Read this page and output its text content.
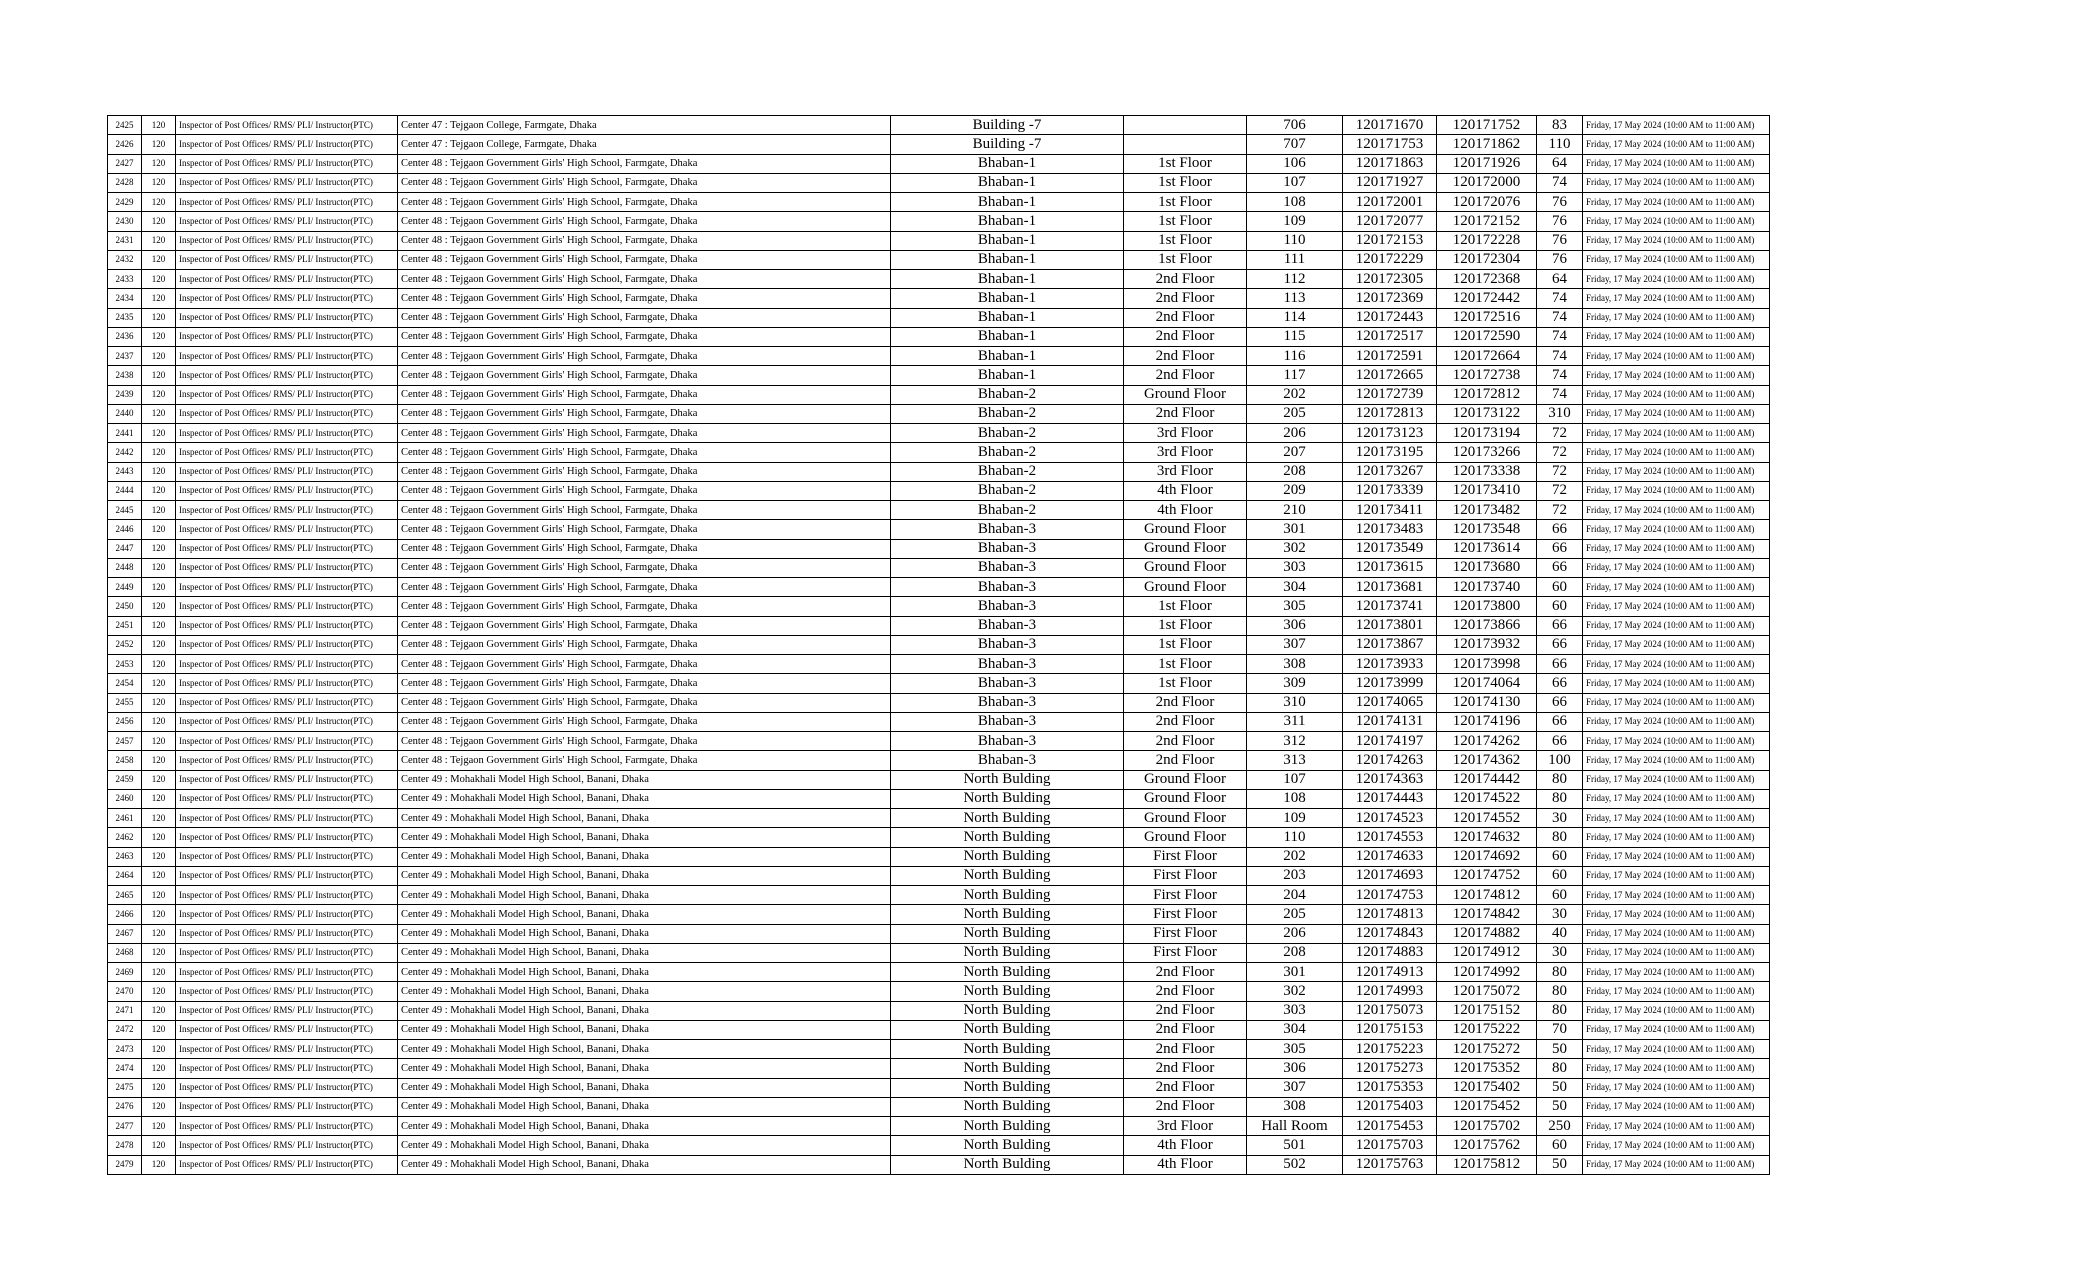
2425	120	Inspector of Post Offices/ RMS/ PLI/ Instructor(PTC)	Center 47 : Tejgaon College, Farmgate, Dhaka	Building -7		706	120171670	120171752	83	Friday, 17 May 2024 (10:00 AM to 11:00 AM)
2426	120	Inspector of Post Offices/ RMS/ PLI/ Instructor(PTC)	Center 47 : Tejgaon College, Farmgate, Dhaka	Building -7		707	120171753	120171862	110	Friday, 17 May 2024 (10:00 AM to 11:00 AM)
2427	120	Inspector of Post Offices/ RMS/ PLI/ Instructor(PTC)	Center 48 : Tejgaon Government Girls' High School, Farmgate, Dhaka	Bhaban-1	1st Floor	106	120171863	120171926	64	Friday, 17 May 2024 (10:00 AM to 11:00 AM)
2428	120	Inspector of Post Offices/ RMS/ PLI/ Instructor(PTC)	Center 48 : Tejgaon Government Girls' High School, Farmgate, Dhaka	Bhaban-1	1st Floor	107	120171927	120172000	74	Friday, 17 May 2024 (10:00 AM to 11:00 AM)
2429	120	Inspector of Post Offices/ RMS/ PLI/ Instructor(PTC)	Center 48 : Tejgaon Government Girls' High School, Farmgate, Dhaka	Bhaban-1	1st Floor	108	120172001	120172076	76	Friday, 17 May 2024 (10:00 AM to 11:00 AM)
2430	120	Inspector of Post Offices/ RMS/ PLI/ Instructor(PTC)	Center 48 : Tejgaon Government Girls' High School, Farmgate, Dhaka	Bhaban-1	1st Floor	109	120172077	120172152	76	Friday, 17 May 2024 (10:00 AM to 11:00 AM)
2431	120	Inspector of Post Offices/ RMS/ PLI/ Instructor(PTC)	Center 48 : Tejgaon Government Girls' High School, Farmgate, Dhaka	Bhaban-1	1st Floor	110	120172153	120172228	76	Friday, 17 May 2024 (10:00 AM to 11:00 AM)
2432	120	Inspector of Post Offices/ RMS/ PLI/ Instructor(PTC)	Center 48 : Tejgaon Government Girls' High School, Farmgate, Dhaka	Bhaban-1	1st Floor	111	120172229	120172304	76	Friday, 17 May 2024 (10:00 AM to 11:00 AM)
2433	120	Inspector of Post Offices/ RMS/ PLI/ Instructor(PTC)	Center 48 : Tejgaon Government Girls' High School, Farmgate, Dhaka	Bhaban-1	2nd Floor	112	120172305	120172368	64	Friday, 17 May 2024 (10:00 AM to 11:00 AM)
2434	120	Inspector of Post Offices/ RMS/ PLI/ Instructor(PTC)	Center 48 : Tejgaon Government Girls' High School, Farmgate, Dhaka	Bhaban-1	2nd Floor	113	120172369	120172442	74	Friday, 17 May 2024 (10:00 AM to 11:00 AM)
2435	120	Inspector of Post Offices/ RMS/ PLI/ Instructor(PTC)	Center 48 : Tejgaon Government Girls' High School, Farmgate, Dhaka	Bhaban-1	2nd Floor	114	120172443	120172516	74	Friday, 17 May 2024 (10:00 AM to 11:00 AM)
2436	120	Inspector of Post Offices/ RMS/ PLI/ Instructor(PTC)	Center 48 : Tejgaon Government Girls' High School, Farmgate, Dhaka	Bhaban-1	2nd Floor	115	120172517	120172590	74	Friday, 17 May 2024 (10:00 AM to 11:00 AM)
2437	120	Inspector of Post Offices/ RMS/ PLI/ Instructor(PTC)	Center 48 : Tejgaon Government Girls' High School, Farmgate, Dhaka	Bhaban-1	2nd Floor	116	120172591	120172664	74	Friday, 17 May 2024 (10:00 AM to 11:00 AM)
2438	120	Inspector of Post Offices/ RMS/ PLI/ Instructor(PTC)	Center 48 : Tejgaon Government Girls' High School, Farmgate, Dhaka	Bhaban-1	2nd Floor	117	120172665	120172738	74	Friday, 17 May 2024 (10:00 AM to 11:00 AM)
2439	120	Inspector of Post Offices/ RMS/ PLI/ Instructor(PTC)	Center 48 : Tejgaon Government Girls' High School, Farmgate, Dhaka	Bhaban-2	Ground Floor	202	120172739	120172812	74	Friday, 17 May 2024 (10:00 AM to 11:00 AM)
2440	120	Inspector of Post Offices/ RMS/ PLI/ Instructor(PTC)	Center 48 : Tejgaon Government Girls' High School, Farmgate, Dhaka	Bhaban-2	2nd Floor	205	120172813	120173122	310	Friday, 17 May 2024 (10:00 AM to 11:00 AM)
2441	120	Inspector of Post Offices/ RMS/ PLI/ Instructor(PTC)	Center 48 : Tejgaon Government Girls' High School, Farmgate, Dhaka	Bhaban-2	3rd Floor	206	120173123	120173194	72	Friday, 17 May 2024 (10:00 AM to 11:00 AM)
2442	120	Inspector of Post Offices/ RMS/ PLI/ Instructor(PTC)	Center 48 : Tejgaon Government Girls' High School, Farmgate, Dhaka	Bhaban-2	3rd Floor	207	120173195	120173266	72	Friday, 17 May 2024 (10:00 AM to 11:00 AM)
2443	120	Inspector of Post Offices/ RMS/ PLI/ Instructor(PTC)	Center 48 : Tejgaon Government Girls' High School, Farmgate, Dhaka	Bhaban-2	3rd Floor	208	120173267	120173338	72	Friday, 17 May 2024 (10:00 AM to 11:00 AM)
2444	120	Inspector of Post Offices/ RMS/ PLI/ Instructor(PTC)	Center 48 : Tejgaon Government Girls' High School, Farmgate, Dhaka	Bhaban-2	4th Floor	209	120173339	120173410	72	Friday, 17 May 2024 (10:00 AM to 11:00 AM)
2445	120	Inspector of Post Offices/ RMS/ PLI/ Instructor(PTC)	Center 48 : Tejgaon Government Girls' High School, Farmgate, Dhaka	Bhaban-2	4th Floor	210	120173411	120173482	72	Friday, 17 May 2024 (10:00 AM to 11:00 AM)
2446	120	Inspector of Post Offices/ RMS/ PLI/ Instructor(PTC)	Center 48 : Tejgaon Government Girls' High School, Farmgate, Dhaka	Bhaban-3	Ground Floor	301	120173483	120173548	66	Friday, 17 May 2024 (10:00 AM to 11:00 AM)
2447	120	Inspector of Post Offices/ RMS/ PLI/ Instructor(PTC)	Center 48 : Tejgaon Government Girls' High School, Farmgate, Dhaka	Bhaban-3	Ground Floor	302	120173549	120173614	66	Friday, 17 May 2024 (10:00 AM to 11:00 AM)
2448	120	Inspector of Post Offices/ RMS/ PLI/ Instructor(PTC)	Center 48 : Tejgaon Government Girls' High School, Farmgate, Dhaka	Bhaban-3	Ground Floor	303	120173615	120173680	66	Friday, 17 May 2024 (10:00 AM to 11:00 AM)
2449	120	Inspector of Post Offices/ RMS/ PLI/ Instructor(PTC)	Center 48 : Tejgaon Government Girls' High School, Farmgate, Dhaka	Bhaban-3	Ground Floor	304	120173681	120173740	60	Friday, 17 May 2024 (10:00 AM to 11:00 AM)
2450	120	Inspector of Post Offices/ RMS/ PLI/ Instructor(PTC)	Center 48 : Tejgaon Government Girls' High School, Farmgate, Dhaka	Bhaban-3	1st Floor	305	120173741	120173800	60	Friday, 17 May 2024 (10:00 AM to 11:00 AM)
2451	120	Inspector of Post Offices/ RMS/ PLI/ Instructor(PTC)	Center 48 : Tejgaon Government Girls' High School, Farmgate, Dhaka	Bhaban-3	1st Floor	306	120173801	120173866	66	Friday, 17 May 2024 (10:00 AM to 11:00 AM)
2452	120	Inspector of Post Offices/ RMS/ PLI/ Instructor(PTC)	Center 48 : Tejgaon Government Girls' High School, Farmgate, Dhaka	Bhaban-3	1st Floor	307	120173867	120173932	66	Friday, 17 May 2024 (10:00 AM to 11:00 AM)
2453	120	Inspector of Post Offices/ RMS/ PLI/ Instructor(PTC)	Center 48 : Tejgaon Government Girls' High School, Farmgate, Dhaka	Bhaban-3	1st Floor	308	120173933	120173998	66	Friday, 17 May 2024 (10:00 AM to 11:00 AM)
2454	120	Inspector of Post Offices/ RMS/ PLI/ Instructor(PTC)	Center 48 : Tejgaon Government Girls' High School, Farmgate, Dhaka	Bhaban-3	1st Floor	309	120173999	120174064	66	Friday, 17 May 2024 (10:00 AM to 11:00 AM)
2455	120	Inspector of Post Offices/ RMS/ PLI/ Instructor(PTC)	Center 48 : Tejgaon Government Girls' High School, Farmgate, Dhaka	Bhaban-3	2nd Floor	310	120174065	120174130	66	Friday, 17 May 2024 (10:00 AM to 11:00 AM)
2456	120	Inspector of Post Offices/ RMS/ PLI/ Instructor(PTC)	Center 48 : Tejgaon Government Girls' High School, Farmgate, Dhaka	Bhaban-3	2nd Floor	311	120174131	120174196	66	Friday, 17 May 2024 (10:00 AM to 11:00 AM)
2457	120	Inspector of Post Offices/ RMS/ PLI/ Instructor(PTC)	Center 48 : Tejgaon Government Girls' High School, Farmgate, Dhaka	Bhaban-3	2nd Floor	312	120174197	120174262	66	Friday, 17 May 2024 (10:00 AM to 11:00 AM)
2458	120	Inspector of Post Offices/ RMS/ PLI/ Instructor(PTC)	Center 48 : Tejgaon Government Girls' High School, Farmgate, Dhaka	Bhaban-3	2nd Floor	313	120174263	120174362	100	Friday, 17 May 2024 (10:00 AM to 11:00 AM)
2459	120	Inspector of Post Offices/ RMS/ PLI/ Instructor(PTC)	Center 49 : Mohakhali Model High School, Banani, Dhaka	North Bulding	Ground Floor	107	120174363	120174442	80	Friday, 17 May 2024 (10:00 AM to 11:00 AM)
2460	120	Inspector of Post Offices/ RMS/ PLI/ Instructor(PTC)	Center 49 : Mohakhali Model High School, Banani, Dhaka	North Bulding	Ground Floor	108	120174443	120174522	80	Friday, 17 May 2024 (10:00 AM to 11:00 AM)
2461	120	Inspector of Post Offices/ RMS/ PLI/ Instructor(PTC)	Center 49 : Mohakhali Model High School, Banani, Dhaka	North Bulding	Ground Floor	109	120174523	120174552	30	Friday, 17 May 2024 (10:00 AM to 11:00 AM)
2462	120	Inspector of Post Offices/ RMS/ PLI/ Instructor(PTC)	Center 49 : Mohakhali Model High School, Banani, Dhaka	North Bulding	Ground Floor	110	120174553	120174632	80	Friday, 17 May 2024 (10:00 AM to 11:00 AM)
2463	120	Inspector of Post Offices/ RMS/ PLI/ Instructor(PTC)	Center 49 : Mohakhali Model High School, Banani, Dhaka	North Bulding	First Floor	202	120174633	120174692	60	Friday, 17 May 2024 (10:00 AM to 11:00 AM)
2464	120	Inspector of Post Offices/ RMS/ PLI/ Instructor(PTC)	Center 49 : Mohakhali Model High School, Banani, Dhaka	North Bulding	First Floor	203	120174693	120174752	60	Friday, 17 May 2024 (10:00 AM to 11:00 AM)
2465	120	Inspector of Post Offices/ RMS/ PLI/ Instructor(PTC)	Center 49 : Mohakhali Model High School, Banani, Dhaka	North Bulding	First Floor	204	120174753	120174812	60	Friday, 17 May 2024 (10:00 AM to 11:00 AM)
2466	120	Inspector of Post Offices/ RMS/ PLI/ Instructor(PTC)	Center 49 : Mohakhali Model High School, Banani, Dhaka	North Bulding	First Floor	205	120174813	120174842	30	Friday, 17 May 2024 (10:00 AM to 11:00 AM)
2467	120	Inspector of Post Offices/ RMS/ PLI/ Instructor(PTC)	Center 49 : Mohakhali Model High School, Banani, Dhaka	North Bulding	First Floor	206	120174843	120174882	40	Friday, 17 May 2024 (10:00 AM to 11:00 AM)
2468	120	Inspector of Post Offices/ RMS/ PLI/ Instructor(PTC)	Center 49 : Mohakhali Model High School, Banani, Dhaka	North Bulding	First Floor	208	120174883	120174912	30	Friday, 17 May 2024 (10:00 AM to 11:00 AM)
2469	120	Inspector of Post Offices/ RMS/ PLI/ Instructor(PTC)	Center 49 : Mohakhali Model High School, Banani, Dhaka	North Bulding	2nd Floor	301	120174913	120174992	80	Friday, 17 May 2024 (10:00 AM to 11:00 AM)
2470	120	Inspector of Post Offices/ RMS/ PLI/ Instructor(PTC)	Center 49 : Mohakhali Model High School, Banani, Dhaka	North Bulding	2nd Floor	302	120174993	120175072	80	Friday, 17 May 2024 (10:00 AM to 11:00 AM)
2471	120	Inspector of Post Offices/ RMS/ PLI/ Instructor(PTC)	Center 49 : Mohakhali Model High School, Banani, Dhaka	North Bulding	2nd Floor	303	120175073	120175152	80	Friday, 17 May 2024 (10:00 AM to 11:00 AM)
2472	120	Inspector of Post Offices/ RMS/ PLI/ Instructor(PTC)	Center 49 : Mohakhali Model High School, Banani, Dhaka	North Bulding	2nd Floor	304	120175153	120175222	70	Friday, 17 May 2024 (10:00 AM to 11:00 AM)
2473	120	Inspector of Post Offices/ RMS/ PLI/ Instructor(PTC)	Center 49 : Mohakhali Model High School, Banani, Dhaka	North Bulding	2nd Floor	305	120175223	120175272	50	Friday, 17 May 2024 (10:00 AM to 11:00 AM)
2474	120	Inspector of Post Offices/ RMS/ PLI/ Instructor(PTC)	Center 49 : Mohakhali Model High School, Banani, Dhaka	North Bulding	2nd Floor	306	120175273	120175352	80	Friday, 17 May 2024 (10:00 AM to 11:00 AM)
2475	120	Inspector of Post Offices/ RMS/ PLI/ Instructor(PTC)	Center 49 : Mohakhali Model High School, Banani, Dhaka	North Bulding	2nd Floor	307	120175353	120175402	50	Friday, 17 May 2024 (10:00 AM to 11:00 AM)
2476	120	Inspector of Post Offices/ RMS/ PLI/ Instructor(PTC)	Center 49 : Mohakhali Model High School, Banani, Dhaka	North Bulding	2nd Floor	308	120175403	120175452	50	Friday, 17 May 2024 (10:00 AM to 11:00 AM)
2477	120	Inspector of Post Offices/ RMS/ PLI/ Instructor(PTC)	Center 49 : Mohakhali Model High School, Banani, Dhaka	North Bulding	3rd Floor	Hall Room	120175453	120175702	250	Friday, 17 May 2024 (10:00 AM to 11:00 AM)
2478	120	Inspector of Post Offices/ RMS/ PLI/ Instructor(PTC)	Center 49 : Mohakhali Model High School, Banani, Dhaka	North Bulding	4th Floor	501	120175703	120175762	60	Friday, 17 May 2024 (10:00 AM to 11:00 AM)
2479	120	Inspector of Post Offices/ RMS/ PLI/ Instructor(PTC)	Center 49 : Mohakhali Model High School, Banani, Dhaka	North Bulding	4th Floor	502	120175763	120175812	50	Friday, 17 May 2024 (10:00 AM to 11:00 AM)
